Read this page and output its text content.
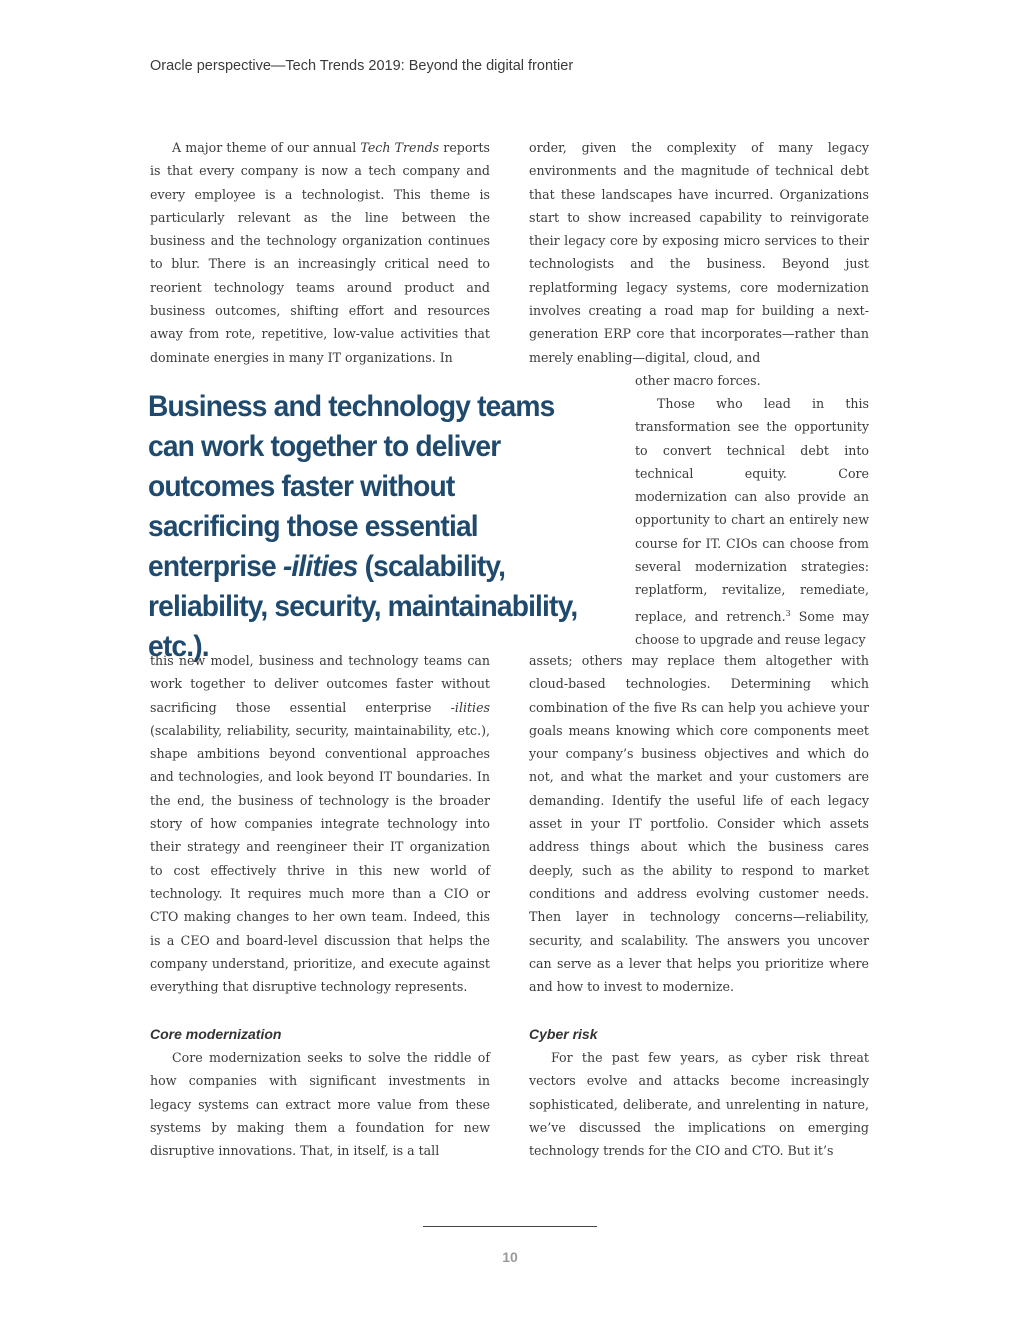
Oracle perspective—Tech Trends 2019: Beyond the digital frontier

A major theme of our annual Tech Trends reports is that every company is now a tech company and every employee is a technologist. This theme is particularly relevant as the line between the business and the technology organization continues to blur. There is an increasingly critical need to reorient technology teams around product and business outcomes, shifting effort and resources away from rote, repetitive, low-value activities that dominate energies in many IT organizations. In

order, given the complexity of many legacy environments and the magnitude of technical debt that these landscapes have incurred. Organizations start to show increased capability to reinvigorate their legacy core by exposing micro services to their technologists and the business. Beyond just replatforming legacy systems, core modernization involves creating a road map for building a next-generation ERP core that incorporates—rather than merely enabling—digital, cloud, and

other macro forces.

Those who lead in this transformation see the opportunity to convert technical debt into technical equity. Core modernization can also provide an opportunity to chart an entirely new course for IT. CIOs can choose from several modernization strategies: replatform, revitalize, remediate, replace, and retrench.$^3$ Some may choose to upgrade and reuse legacy

Business and technology teams can work together to deliver outcomes faster without sacrificing those essential enterprise -ilities (scalability, reliability, security, maintainability, etc.).

this new model, business and technology teams can work together to deliver outcomes faster without sacrificing those essential enterprise -ilities (scalability, reliability, security, maintainability, etc.), shape ambitions beyond conventional approaches and technologies, and look beyond IT boundaries. In the end, the business of technology is the broader story of how companies integrate technology into their strategy and reengineer their IT organization to cost effectively thrive in this new world of technology. It requires much more than a CIO or CTO making changes to her own team. Indeed, this is a CEO and board-level discussion that helps the company understand, prioritize, and execute against everything that disruptive technology represents.

assets; others may replace them altogether with cloud-based technologies. Determining which combination of the five Rs can help you achieve your goals means knowing which core components meet your company’s business objectives and which do not, and what the market and your customers are demanding. Identify the useful life of each legacy asset in your IT portfolio. Consider which assets address things about which the business cares deeply, such as the ability to respond to market conditions and address evolving customer needs. Then layer in technology concerns—reliability, security, and scalability. The answers you uncover can serve as a lever that helps you prioritize where and how to invest to modernize.

Core modernization

Core modernization seeks to solve the riddle of how companies with significant investments in legacy systems can extract more value from these systems by making them a foundation for new disruptive innovations. That, in itself, is a tall

Cyber risk

For the past few years, as cyber risk threat vectors evolve and attacks become increasingly sophisticated, deliberate, and unrelenting in nature, we’ve discussed the implications on emerging technology trends for the CIO and CTO. But it’s

10
